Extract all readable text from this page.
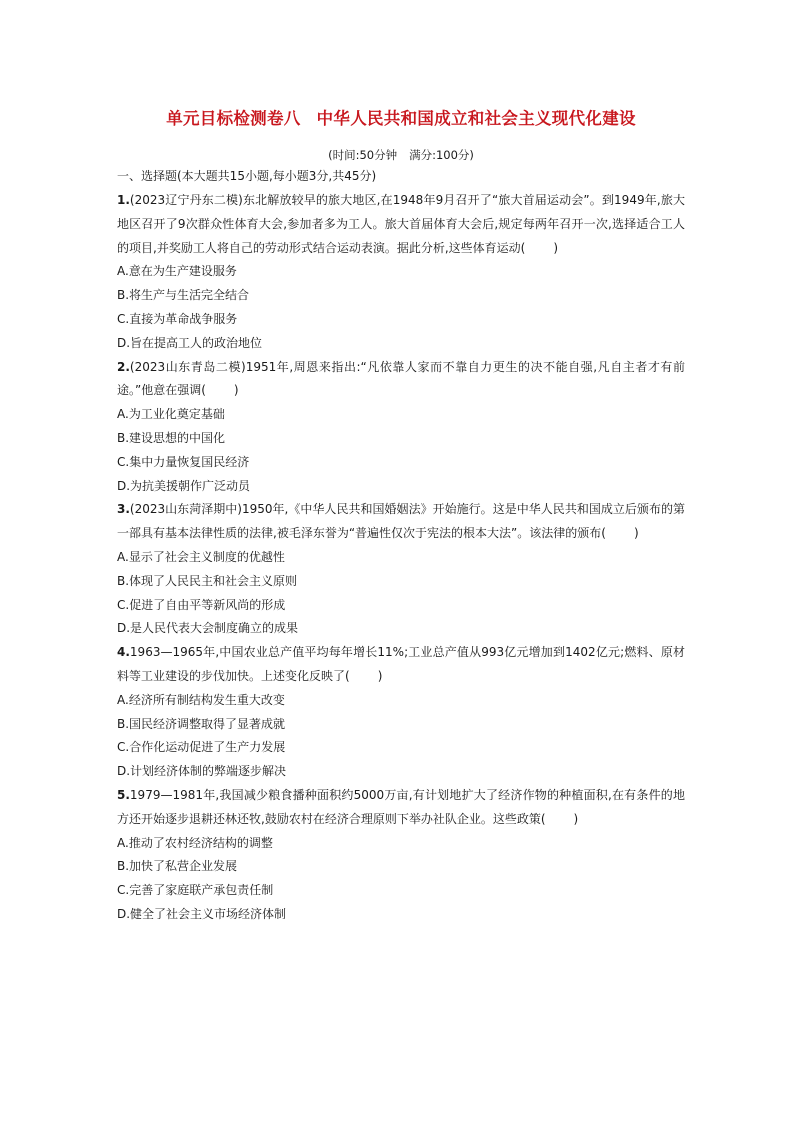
单元目标检测卷八 中华人民共和国成立和社会主义现代化建设
(时间:50分钟 满分:100分)
一、选择题(本大题共15小题,每小题3分,共45分)

1.(2023辽宁丹东二模)东北解放较早的旅大地区,在1948年9月召开了“旅大首届运动会”。到1949年,旅大地区召开了9次群众性体育大会,参加者多为工人。旅大首届体育大会后,规定每两年召开一次,选择适合工人的项目,并奖励工人将自己的劳动形式结合运动表演。据此分析,这些体育运动( )

A.意在为生产建设服务

B.将生产与生活完全结合

C.直接为革命战争服务

D.旨在提高工人的政治地位

2.(2023山东青岛二模)1951年,周恩来指出:“凡依靠人家而不靠自力更生的决不能自强,凡自主者才有前途。”他意在强调( )

A.为工业化奠定基础

B.建设思想的中国化

C.集中力量恢复国民经济

D.为抗美援朝作广泛动员

3.(2023山东菏泽期中)1950年,《中华人民共和国婚姻法》开始施行。这是中华人民共和国成立后颁布的第一部具有基本法律性质的法律,被毛泽东誉为“普遍性仅次于宪法的根本大法”。该法律的颁布( )

A.显示了社会主义制度的优越性

B.体现了人民民主和社会主义原则

C.促进了自由平等新风尚的形成

D.是人民代表大会制度确立的成果

4.1963—1965年,中国农业总产值平均每年增长11%;工业总产值从993亿元增加到1402亿元;燃料、原材料等工业建设的步伐加快。上述变化反映了( )

A.经济所有制结构发生重大改变

B.国民经济调整取得了显著成就

C.合作化运动促进了生产力发展

D.计划经济体制的弊端逐步解决

5.1979—1981年,我国减少粮食播种面积约5000万亩,有计划地扩大了经济作物的种植面积,在有条件的地方还开始逐步退耕还林还牧,鼓励农村在经济合理原则下举办社队企业。这些政策( )

A.推动了农村经济结构的调整

B.加快了私营企业发展

C.完善了家庭联产承包责任制

D.健全了社会主义市场经济体制
